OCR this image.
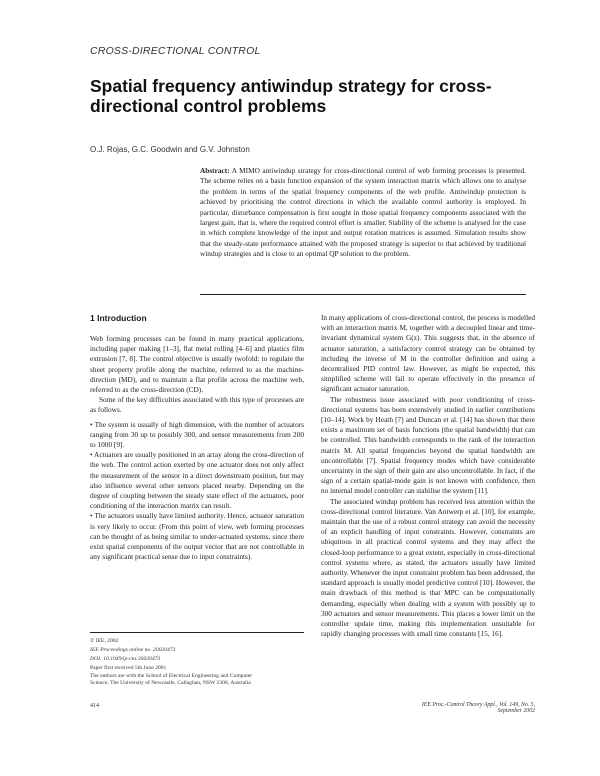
CROSS-DIRECTIONAL CONTROL
Spatial frequency antiwindup strategy for cross-directional control problems
O.J. Rojas, G.C. Goodwin and G.V. Johnston
Abstract: A MIMO antiwindup strategy for cross-directional control of web forming processes is presented. The scheme relies on a basis function expansion of the system interaction matrix which allows one to analyse the problem in terms of the spatial frequency components of the web profile. Antiwindup protection is achieved by prioritising the control directions in which the available control authority is employed. In particular, disturbance compensation is first sought in those spatial frequency components associated with the largest gain, that is, where the required control effort is smaller. Stability of the scheme is analysed for the case in which complete knowledge of the input and output rotation matrices is assumed. Simulation results show that the steady-state performance attained with the proposed strategy is superior to that achieved by traditional windup strategies and is close to an optimal QP solution to the problem.
1 Introduction

Web forming processes can be found in many practical applications, including paper making [1–3], flat metal rolling [4–6] and plastics film extrusion [7, 8]. The control objective is usually twofold: to regulate the sheet property profile along the machine, referred to as the machine-direction (MD), and to maintain a flat profile across the machine web, referred to as the cross-direction (CD).

Some of the key difficulties associated with this type of processes are as follows.

• The system is usually of high dimension, with the number of actuators ranging from 30 up to possibly 300, and sensor measurements from 200 to 1000 [9].

• Actuators are usually positioned in an array along the cross-direction of the web. The control action exerted by one actuator does not only affect the measurement of the sensor in a direct downstream position, but may also influence several other sensors placed nearby. Depending on the degree of coupling between the steady state effect of the actuators, poor conditioning of the interaction matrix can result.

• The actuators usually have limited authority. Hence, actuator saturation is very likely to occur. (From this point of view, web forming processes can be thought of as being similar to under-actuated systems, since there exist spatial components of the output vector that are not controllable in any significant practical sense due to input constraints).

© IEE, 2002
IEE Proceedings online no. 20020473
DOI: 10.1049/ip-cta:20020473
Paper first received 5th June 2001
The authors are with the School of Electrical Engineering and Computer
Science, The University of Newcastle, Callaghan, NSW 2308, Australia
414

In many applications of cross-directional control, the process is modelled with an interaction matrix M, together with a decoupled linear and time-invariant dynamical system G(z). This suggests that, in the absence of actuator saturation, a satisfactory control strategy can be obtained by including the inverse of M in the controller definition and using a decentralised PID control law. However, as might be expected, this simplified scheme will fail to operate effectively in the presence of significant actuator saturation.

The robustness issue associated with poor conditioning of cross-directional systems has been extensively studied in earlier contributions [10–14]. Work by Heath [7] and Duncan et al. [14] has shown that there exists a maximum set of basis functions (the spatial bandwidth) that can be controlled. This bandwidth corresponds to the rank of the interaction matrix M. All spatial frequencies beyond the spatial bandwidth are uncontrollable [7]. Spatial frequency modes which have considerable uncertainty in the sign of their gain are also uncontrollable. In fact, if the sign of a certain spatial-mode gain is not known with confidence, then no internal model controller can stabilise the system [11].

The associated windup problem has received less attention within the cross-directional control literature. Van Antwerp et al. [10], for example, maintain that the use of a robust control strategy can avoid the necessity of an explicit handling of input constraints. However, constraints are ubiquitous in all practical control systems and they may affect the closed-loop performance to a great extent, especially in cross-directional control systems where, as stated, the actuators usually have limited authority. Whenever the input constraint problem has been addressed, the standard approach is usually model predictive control [10]. However, the main drawback of this method is that MPC can be computationally demanding, especially when dealing with a system with possibly up to 300 actuators and sensor measurements. This places a lower limit on the controller update time, making this implementation unsuitable for rapidly changing processes with small time constants [15, 16].

IEE Proc.-Control Theory Appl., Vol. 149, No. 5, September 2002
